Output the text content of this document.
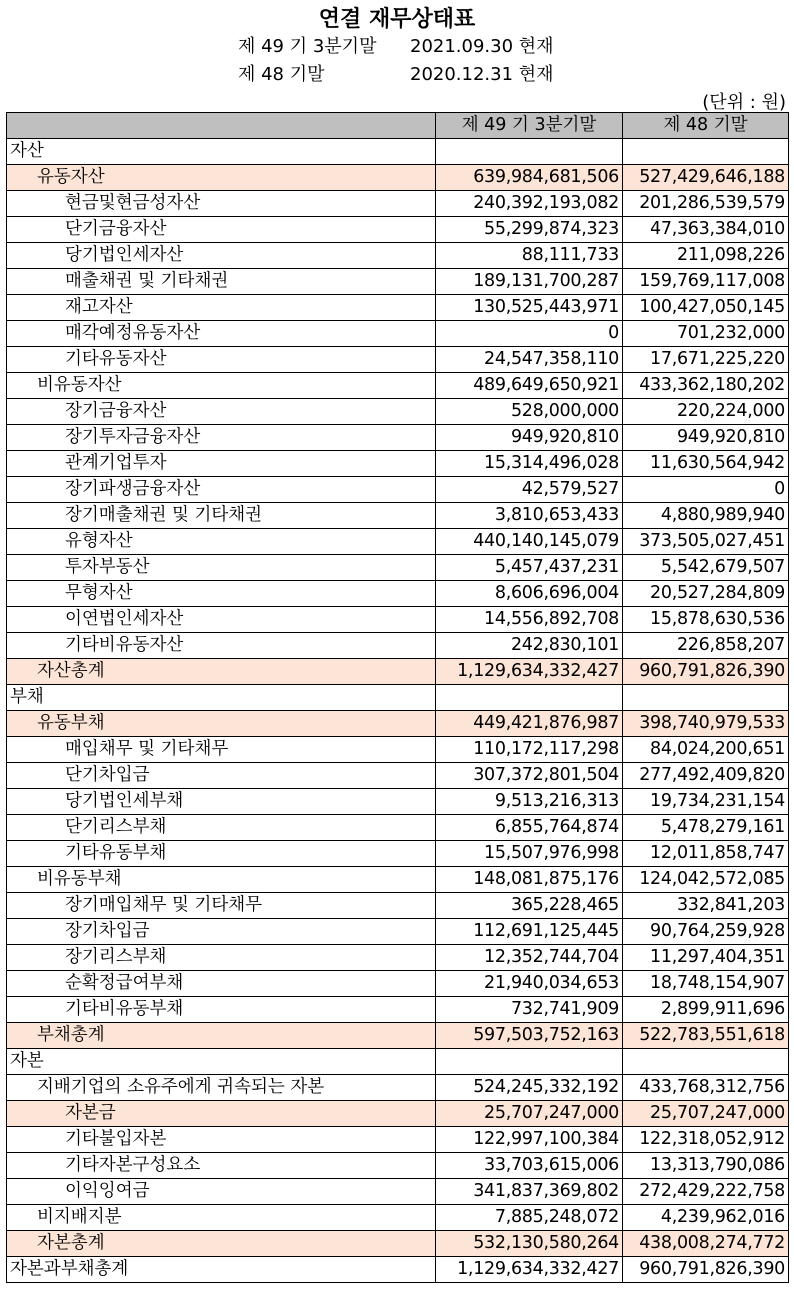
연결 재무상태표
제 49 기 3분기말 2021.09.30 현재
제 48 기말	2020.12.31 현재
(단위 : 원)
	제 49 기 3분기말	제 48 기말
자산		
유동자산	639,984,681,506	527,429,646,188
현금및현금성자산	240,392,193,082	201,286,539,579
단기금융자산	55,299,874,323	47,363,384,010
당기법인세자산	88,111,733	211,098,226
매출채권 및 기타채권	189,131,700,287	159,769,117,008
재고자산	130,525,443,971	100,427,050,145
매각예정유동자산	0	701,232,000
기타유동자산	24,547,358,110	17,671,225,220
비유동자산	489,649,650,921	433,362,180,202
장기금융자산	528,000,000	220,224,000
장기투자금융자산	949,920,810	949,920,810
관계기업투자	15,314,496,028	11,630,564,942
장기파생금융자산	42,579,527	0
장기매출채권 및 기타채권	3,810,653,433	4,880,989,940
유형자산	440,140,145,079	373,505,027,451
투자부동산	5,457,437,231	5,542,679,507
무형자산	8,606,696,004	20,527,284,809
이연법인세자산	14,556,892,708	15,878,630,536
기타비유동자산	242,830,101	226,858,207
자산총계	1,129,634,332,427	960,791,826,390
부채		
유동부채	449,421,876,987	398,740,979,533
매입채무 및 기타채무	110,172,117,298	84,024,200,651
단기차입금	307,372,801,504	277,492,409,820
당기법인세부채	9,513,216,313	19,734,231,154
단기리스부채	6,855,764,874	5,478,279,161
기타유동부채	15,507,976,998	12,011,858,747
비유동부채	148,081,875,176	124,042,572,085
장기매입채무 및 기타채무	365,228,465	332,841,203
장기차입금	112,691,125,445	90,764,259,928
장기리스부채	12,352,744,704	11,297,404,351
순확정급여부채	21,940,034,653	18,748,154,907
기타비유동부채	732,741,909	2,899,911,696
부채총계	597,503,752,163	522,783,551,618
자본		
지배기업의 소유주에게 귀속되는 자본	524,245,332,192	433,768,312,756
자본금	25,707,247,000	25,707,247,000
기타불입자본	122,997,100,384	122,318,052,912
기타자본구성요소	33,703,615,006	13,313,790,086
이익잉여금	341,837,369,802	272,429,222,758
비지배지분	7,885,248,072	4,239,962,016
자본총계	532,130,580,264	438,008,274,772
자본과부채총계	1,129,634,332,427	960,791,826,390
